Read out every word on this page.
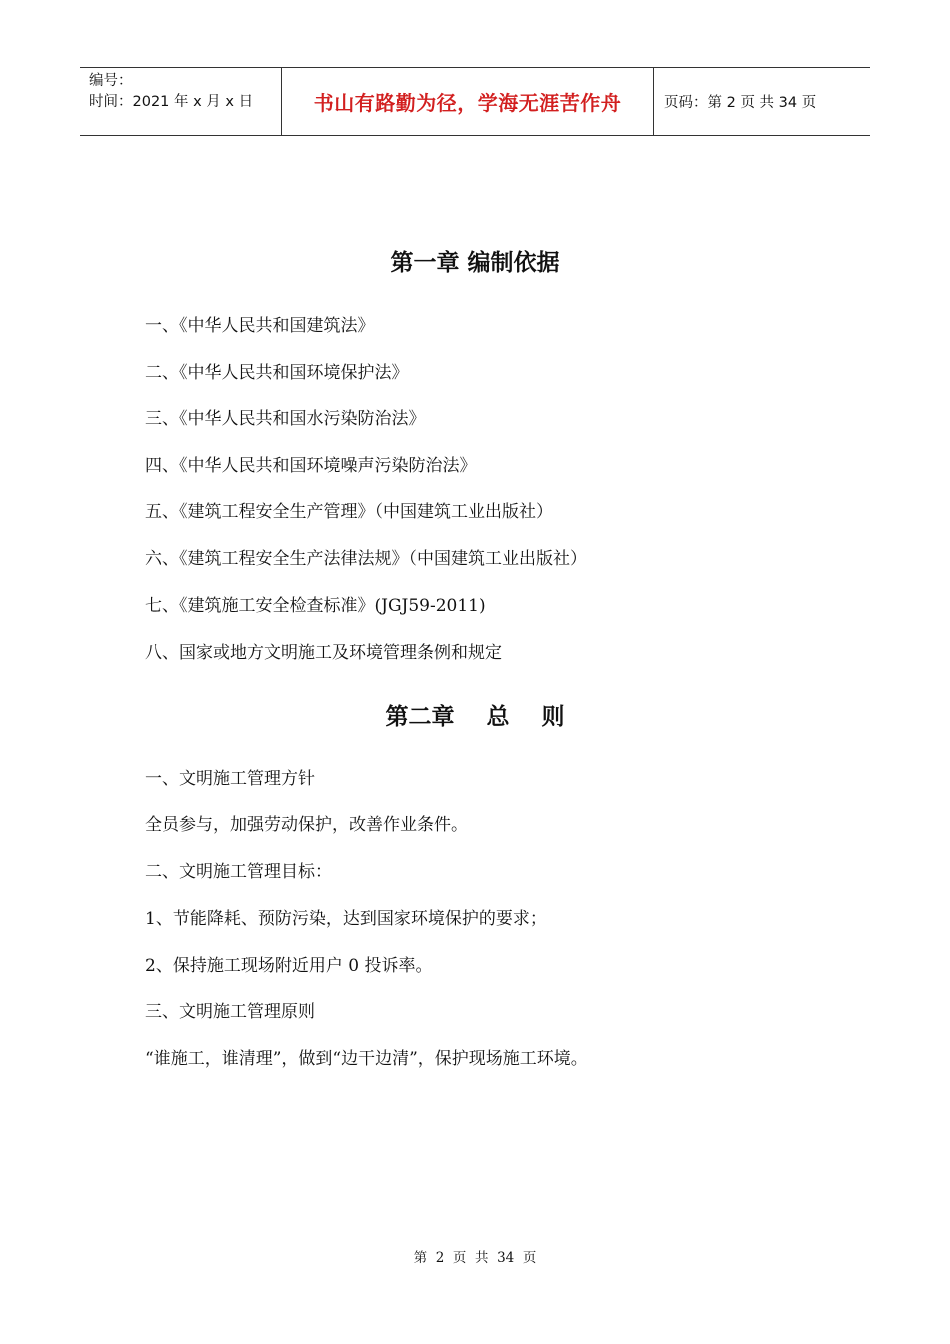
编号：
时间：2021 年 x 月 x 日	书山有路勤为径，学海无涯苦作舟	页码：第 2 页 共 34 页
第一章 编制依据
一、《中华人民共和国建筑法》
二、《中华人民共和国环境保护法》
三、《中华人民共和国水污染防治法》
四、《中华人民共和国环境噪声污染防治法》
五、《建筑工程安全生产管理》（中国建筑工业出版社）
六、《建筑工程安全生产法律法规》（中国建筑工业出版社）
七、《建筑施工安全检查标准》(JGJ59-2011)
八、国家或地方文明施工及环境管理条例和规定
第二章    总    则
一、文明施工管理方针
全员参与，加强劳动保护，改善作业条件。
二、文明施工管理目标：
1、节能降耗、预防污染，达到国家环境保护的要求；
2、保持施工现场附近用户 0 投诉率。
三、文明施工管理原则
“谁施工，谁清理”，做到“边干边清”，保护现场施工环境。
第  2  页  共  34  页
